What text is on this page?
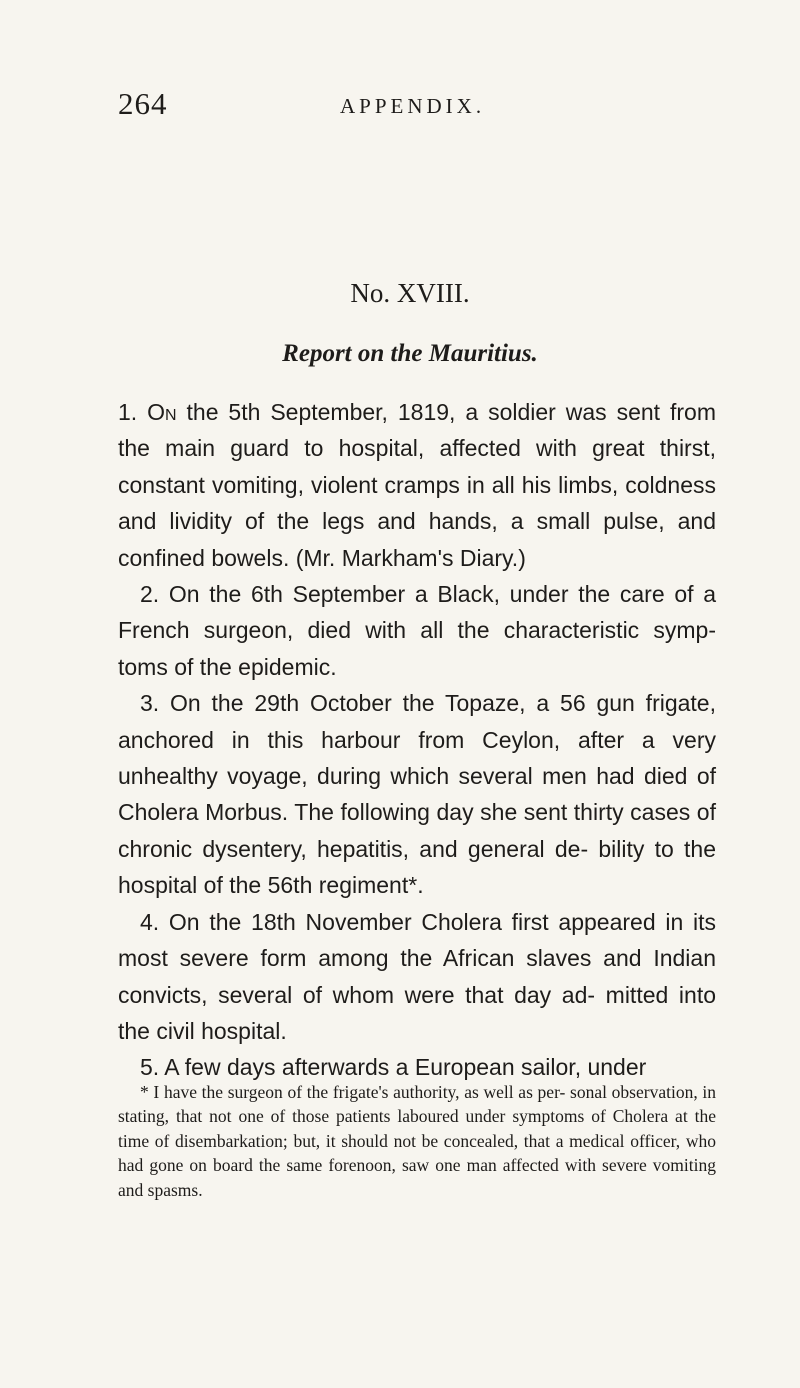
264	APPENDIX.
No. XVIII.
Report on the Mauritius.

1. On the 5th September, 1819, a soldier was sent from the main guard to hospital, affected with great thirst, constant vomiting, violent cramps in all his limbs, coldness and lividity of the legs and hands, a small pulse, and confined bowels. (Mr. Markham's Diary.)

2. On the 6th September a Black, under the care of a French surgeon, died with all the characteristic symp- toms of the epidemic.

3. On the 29th October the Topaze, a 56 gun frigate, anchored in this harbour from Ceylon, after a very unhealthy voyage, during which several men had died of Cholera Morbus. The following day she sent thirty cases of chronic dysentery, hepatitis, and general de- bility to the hospital of the 56th regiment*.

4. On the 18th November Cholera first appeared in its most severe form among the African slaves and Indian convicts, several of whom were that day ad- mitted into the civil hospital.

5. A few days afterwards a European sailor, under

* I have the surgeon of the frigate's authority, as well as per- sonal observation, in stating, that not one of those patients laboured under symptoms of Cholera at the time of disembarkation; but, it should not be concealed, that a medical officer, who had gone on board the same forenoon, saw one man affected with severe vomiting and spasms.
